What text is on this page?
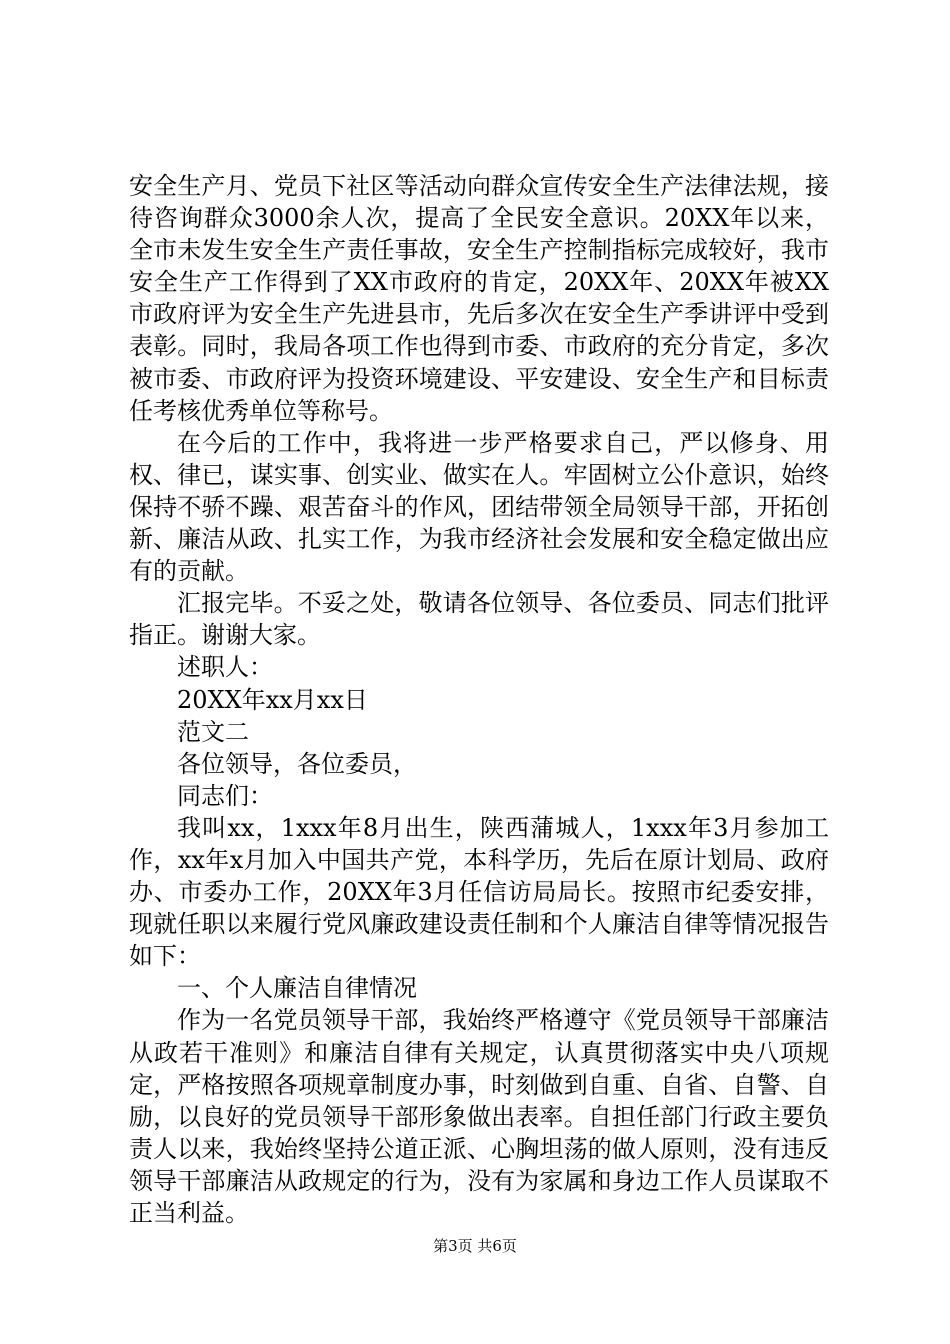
安全生产月、党员下社区等活动向群众宣传安全生产法律法规，接待咨询群众3000余人次，提高了全民安全意识。20XX年以来，全市未发生安全生产责任事故，安全生产控制指标完成较好，我市安全生产工作得到了XX市政府的肯定，20XX年、20XX年被XX市政府评为安全生产先进县市，先后多次在安全生产季讲评中受到表彰。同时，我局各项工作也得到市委、市政府的充分肯定，多次被市委、市政府评为投资环境建设、平安建设、安全生产和目标责任考核优秀单位等称号。

在今后的工作中，我将进一步严格要求自己，严以修身、用权、律已，谋实事、创实业、做实在人。牢固树立公仆意识，始终保持不骄不躁、艰苦奋斗的作风，团结带领全局领导干部，开拓创新、廉洁从政、扎实工作，为我市经济社会发展和安全稳定做出应有的贡献。

汇报完毕。不妥之处，敬请各位领导、各位委员、同志们批评指正。谢谢大家。

述职人：

20XX年xx月xx日

范文二

各位领导，各位委员，

同志们：

我叫xx，1xxx年8月出生，陕西蒲城人，1xxx年3月参加工作，xx年x月加入中国共产党，本科学历，先后在原计划局、政府办、市委办工作，20XX年3月任信访局局长。按照市纪委安排，现就任职以来履行党风廉政建设责任制和个人廉洁自律等情况报告如下：

一、个人廉洁自律情况

作为一名党员领导干部，我始终严格遵守《党员领导干部廉洁从政若干准则》和廉洁自律有关规定，认真贯彻落实中央八项规定，严格按照各项规章制度办事，时刻做到自重、自省、自警、自励，以良好的党员领导干部形象做出表率。自担任部门行政主要负责人以来，我始终坚持公道正派、心胸坦荡的做人原则，没有违反领导干部廉洁从政规定的行为，没有为家属和身边工作人员谋取不正当利益。

第3页 共6页
